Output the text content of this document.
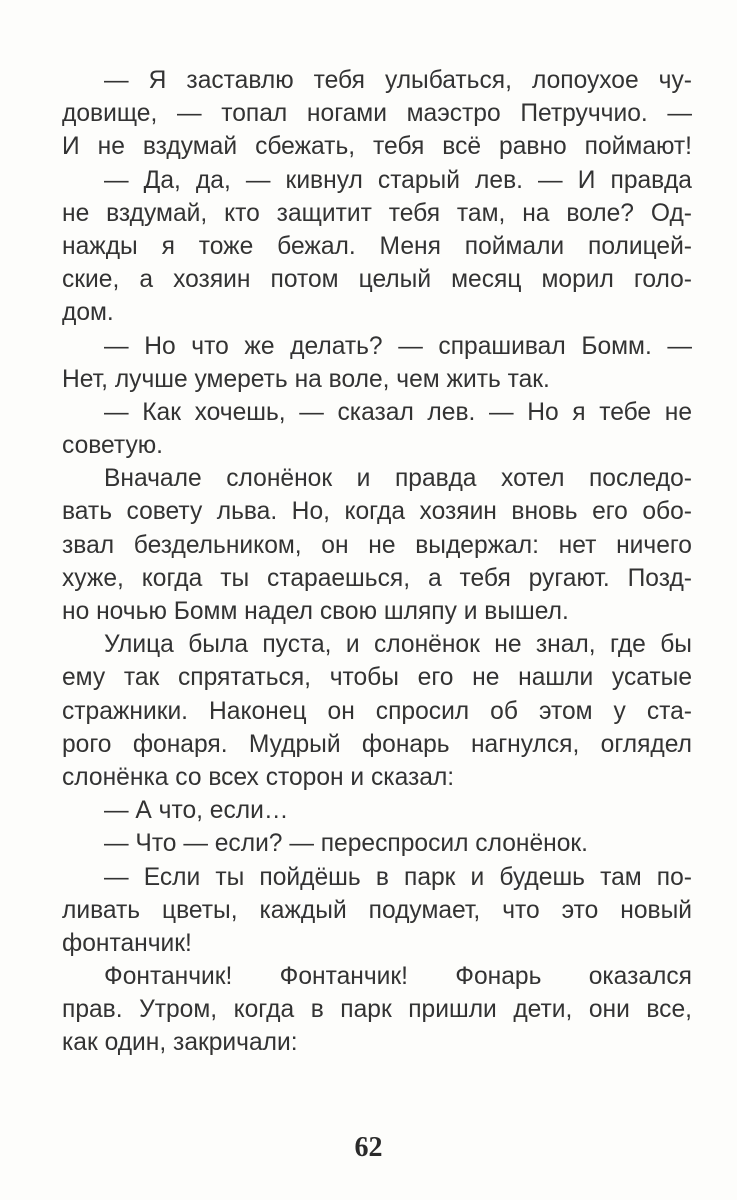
— Я заставлю тебя улыбаться, лопоухое чу-
довище, — топал ногами маэстро Петруччио. —
И не вздумай сбежать, тебя всё равно поймают!
— Да, да, — кивнул старый лев. — И правда
не вздумай, кто защитит тебя там, на воле? Од-
нажды я тоже бежал. Меня поймали полицей-
ские, а хозяин потом целый месяц морил голо-
дом.
— Но что же делать? — спрашивал Бомм. —
Нет, лучше умереть на воле, чем жить так.
— Как хочешь, — сказал лев. — Но я тебе не
советую.
Вначале слонёнок и правда хотел последо-
вать совету льва. Но, когда хозяин вновь его обо-
звал бездельником, он не выдержал: нет ничего
хуже, когда ты стараешься, а тебя ругают. Позд-
но ночью Бомм надел свою шляпу и вышел.
Улица была пуста, и слонёнок не знал, где бы
ему так спрятаться, чтобы его не нашли усатые
стражники. Наконец он спросил об этом у ста-
рого фонаря. Мудрый фонарь нагнулся, оглядел
слонёнка со всех сторон и сказал:
— А что, если…
— Что — если? — переспросил слонёнок.
— Если ты пойдёшь в парк и будешь там по-
ливать цветы, каждый подумает, что это новый
фонтанчик!
Фонтанчик! Фонтанчик! Фонарь оказался
прав. Утром, когда в парк пришли дети, они все,
как один, закричали:
62
